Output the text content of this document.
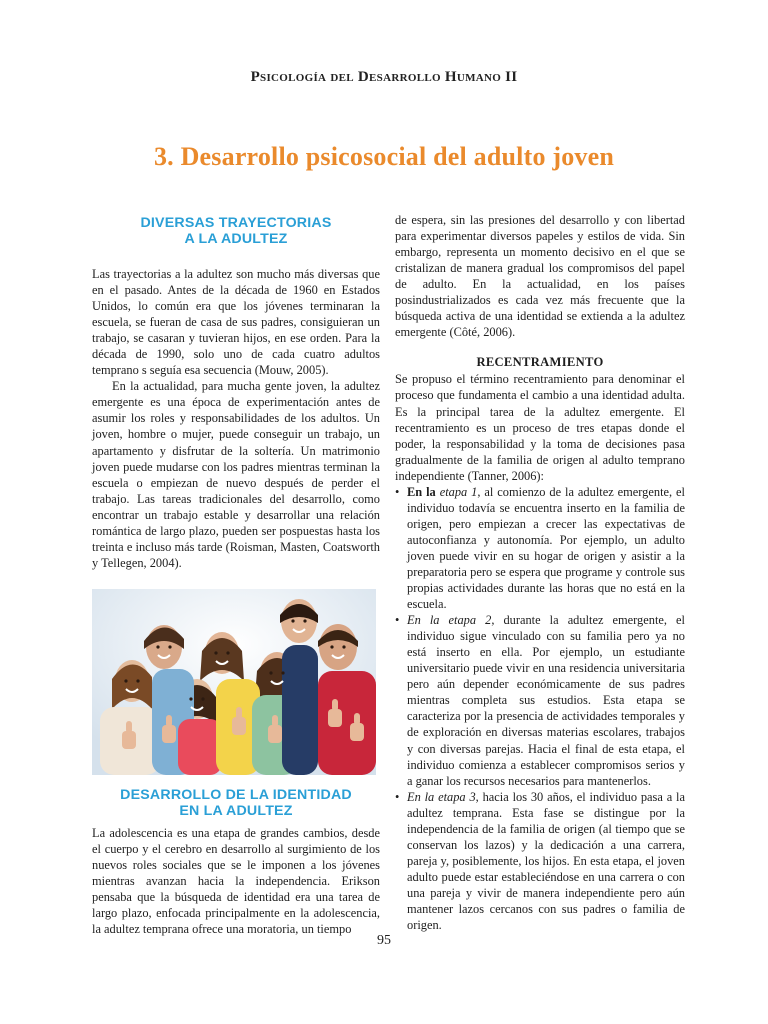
Psicología del Desarrollo Humano II
3. Desarrollo psicosocial del adulto joven
DIVERSAS TRAYECTORIAS
A LA ADULTEZ

Las trayectorias a la adultez son mucho más diversas que en el pasado. Antes de la década de 1960 en Estados Unidos, lo común era que los jóvenes terminaran la escuela, se fueran de casa de sus padres, consiguieran un trabajo, se casaran y tuvieran hijos, en ese orden. Para la década de 1990, solo uno de cada cuatro adultos temprano s seguía esa secuencia (Mouw, 2005).

En la actualidad, para mucha gente joven, la adultez emergente es una época de experimentación antes de asumir los roles y responsabilidades de los adultos. Un joven, hombre o mujer, puede conseguir un trabajo, un apartamento y disfrutar de la soltería. Un matrimonio joven puede mudarse con los padres mientras terminan la escuela o empiezan de nuevo después de perder el trabajo. Las tareas tradicionales del desarrollo, como encontrar un trabajo estable y desarrollar una relación romántica de largo plazo, pueden ser pospuestas hasta los treinta e incluso más tarde (Roisman, Masten, Coatsworth y Tellegen, 2004).

DESARROLLO DE LA IDENTIDAD
EN LA ADULTEZ

La adolescencia es una etapa de grandes cambios, desde el cuerpo y el cerebro en desarrollo al surgimiento de los nuevos roles sociales que se le imponen a los jóvenes mientras avanzan hacia la independencia. Erikson pensaba que la búsqueda de identidad era una tarea de largo plazo, enfocada principalmente en la adolescencia, la adultez temprana ofrece una moratoria, un tiempo

de espera, sin las presiones del desarrollo y con libertad para experimentar diversos papeles y estilos de vida. Sin embargo, representa un momento decisivo en el que se cristalizan de manera gradual los compromisos del papel de adulto. En la actualidad, en los países posindustrializados es cada vez más frecuente que la búsqueda activa de una identidad se extienda a la adultez emergente (Côté, 2006).

RECENTRAMIENTO

Se propuso el término recentramiento para denominar el proceso que fundamenta el cambio a una identidad adulta. Es la principal tarea de la adultez emergente. El recentramiento es un proceso de tres etapas donde el poder, la responsabilidad y la toma de decisiones pasa gradualmente de la familia de origen al adulto temprano independiente (Tanner, 2006):

• En la etapa 1, al comienzo de la adultez emergente, el individuo todavía se encuentra inserto en la familia de origen, pero empiezan a crecer las expectativas de autoconfianza y autonomía. Por ejemplo, un adulto joven puede vivir en su hogar de origen y asistir a la preparatoria pero se espera que programe y controle sus propias actividades durante las horas que no está en la escuela.
• En la etapa 2, durante la adultez emergente, el individuo sigue vinculado con su familia pero ya no está inserto en ella. Por ejemplo, un estudiante universitario puede vivir en una residencia universitaria pero aún depender económicamente de sus padres mientras completa sus estudios. Esta etapa se caracteriza por la presencia de actividades temporales y de exploración en diversas materias escolares, trabajos y con diversas parejas. Hacia el final de esta etapa, el individuo comienza a establecer compromisos serios y a ganar los recursos necesarios para mantenerlos.
• En la etapa 3, hacia los 30 años, el individuo pasa a la adultez temprana. Esta fase se distingue por la independencia de la familia de origen (al tiempo que se conservan los lazos) y la dedicación a una carrera, pareja y, posiblemente, los hijos. En esta etapa, el joven adulto puede estar estableciéndose en una carrera o con una pareja y vivir de manera independiente pero aún mantener lazos cercanos con sus padres o familia de origen.
95
